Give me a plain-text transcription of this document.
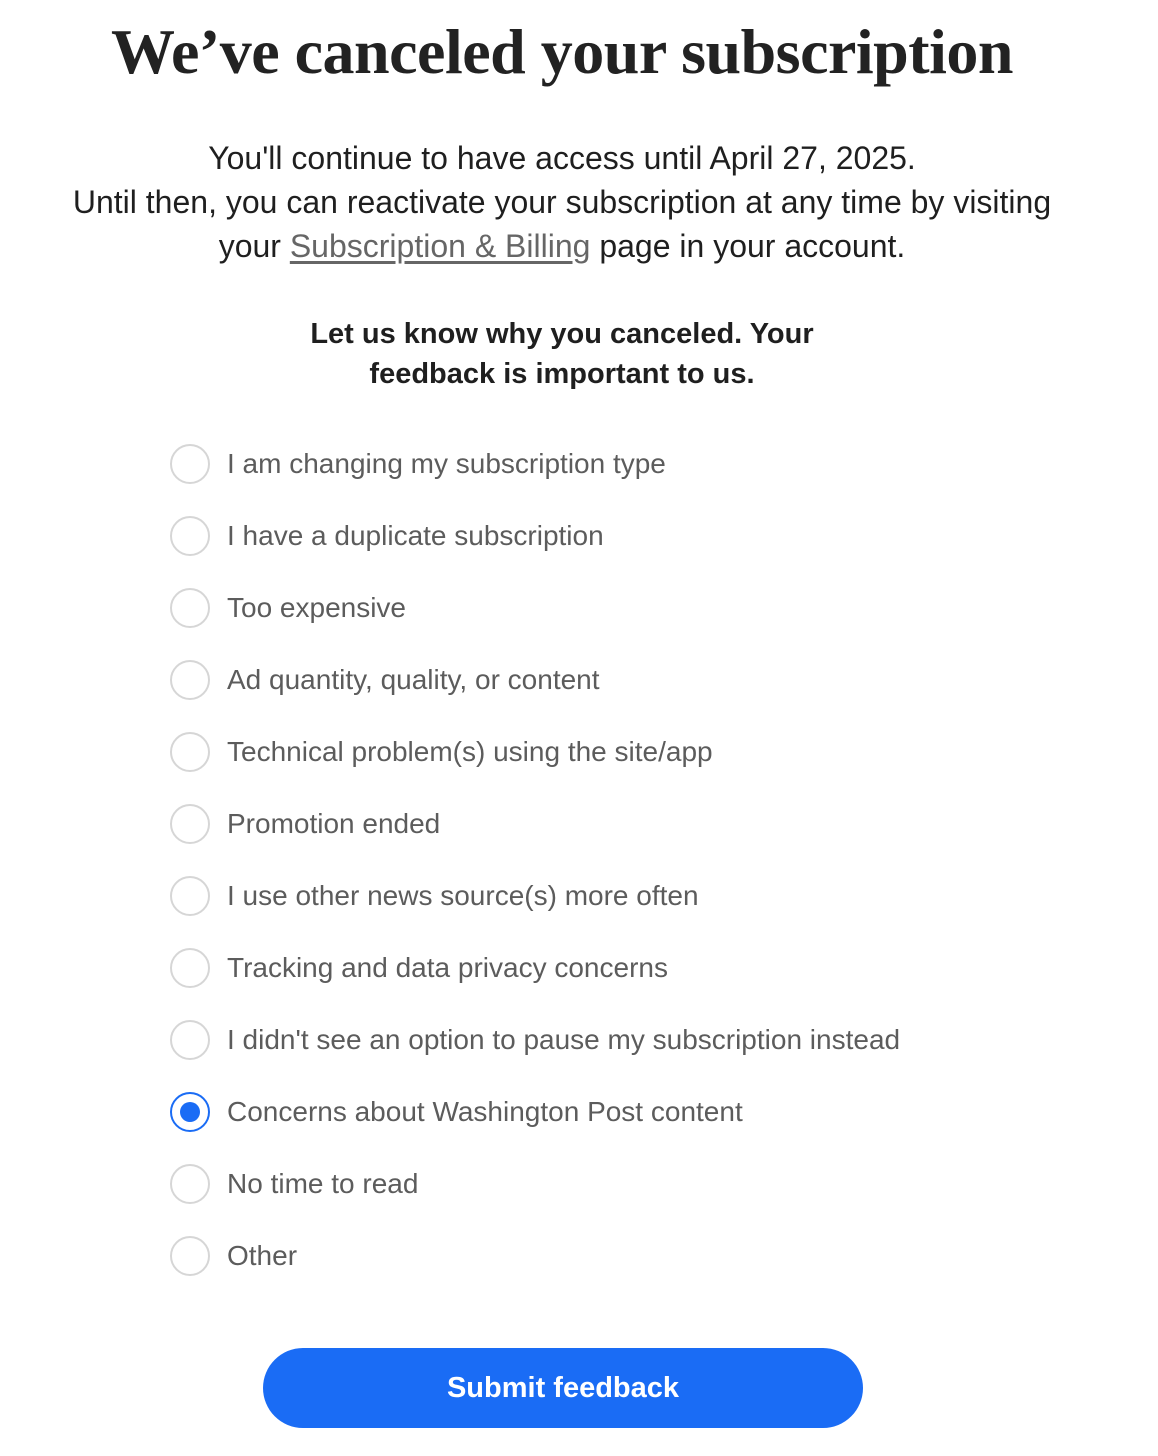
We’ve canceled your subscription
You'll continue to have access until April 27, 2025.
Until then, you can reactivate your subscription at any time by visiting
your Subscription & Billing page in your account.
Let us know why you canceled. Your
feedback is important to us.
I am changing my subscription type
I have a duplicate subscription
Too expensive
Ad quantity, quality, or content
Technical problem(s) using the site/app
Promotion ended
I use other news source(s) more often
Tracking and data privacy concerns
I didn't see an option to pause my subscription instead
Concerns about Washington Post content
No time to read
Other
Submit feedback
